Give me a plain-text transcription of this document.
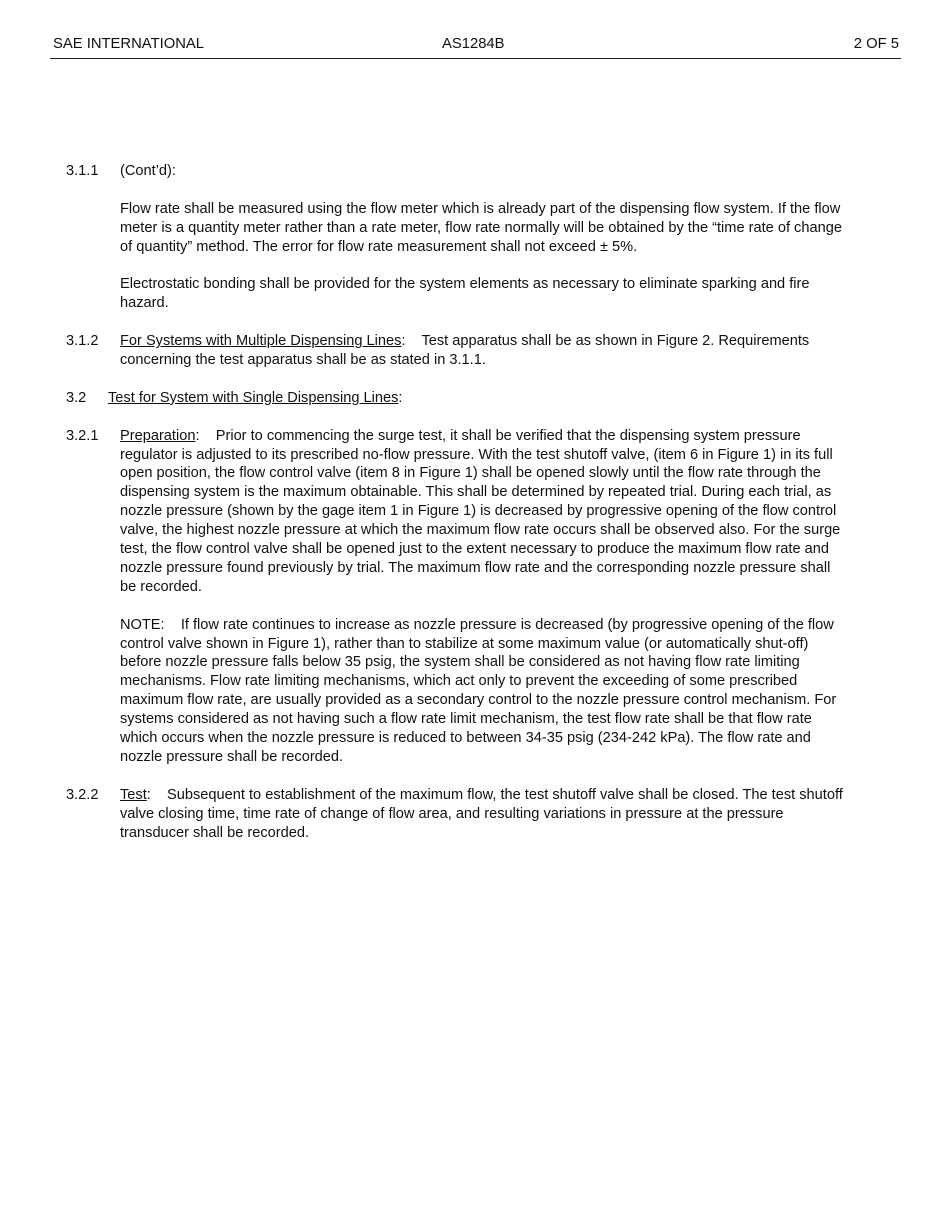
SAE INTERNATIONAL	AS1284B	2 OF 5
3.1.1 (Cont’d):

Flow rate shall be measured using the flow meter which is already part of the dispensing flow system. If the flow meter is a quantity meter rather than a rate meter, flow rate normally will be obtained by the “time rate of change of quantity” method. The error for flow rate measurement shall not exceed ± 5%.

Electrostatic bonding shall be provided for the system elements as necessary to eliminate sparking and fire hazard.

3.1.2 For Systems with Multiple Dispensing Lines:    Test apparatus shall be as shown in Figure 2. Requirements concerning the test apparatus shall be as stated in 3.1.1.

3.2 Test for System with Single Dispensing Lines:

3.2.1 Preparation:    Prior to commencing the surge test, it shall be verified that the dispensing system pressure regulator is adjusted to its prescribed no-flow pressure. With the test shutoff valve, (item 6 in Figure 1) in its full open position, the flow control valve (item 8 in Figure 1) shall be opened slowly until the flow rate through the dispensing system is the maximum obtainable. This shall be determined by repeated trial. During each trial, as nozzle pressure (shown by the gage item 1 in Figure 1) is decreased by progressive opening of the flow control valve, the highest nozzle pressure at which the maximum flow rate occurs shall be observed also. For the surge test, the flow control valve shall be opened just to the extent necessary to produce the maximum flow rate and nozzle pressure found previously by trial. The maximum flow rate and the corresponding nozzle pressure shall be recorded.

NOTE:    If flow rate continues to increase as nozzle pressure is decreased (by progressive opening of the flow control valve shown in Figure 1), rather than to stabilize at some maximum value (or automatically shut-off) before nozzle pressure falls below 35 psig, the system shall be considered as not having flow rate limiting mechanisms. Flow rate limiting mechanisms, which act only to prevent the exceeding of some prescribed maximum flow rate, are usually provided as a secondary control to the nozzle pressure control mechanism. For systems considered as not having such a flow rate limit mechanism, the test flow rate shall be that flow rate which occurs when the nozzle pressure is reduced to between 34-35 psig (234-242 kPa). The flow rate and nozzle pressure shall be recorded.

3.2.2 Test:    Subsequent to establishment of the maximum flow, the test shutoff valve shall be closed. The test shutoff valve closing time, time rate of change of flow area, and resulting variations in pressure at the pressure transducer shall be recorded.
